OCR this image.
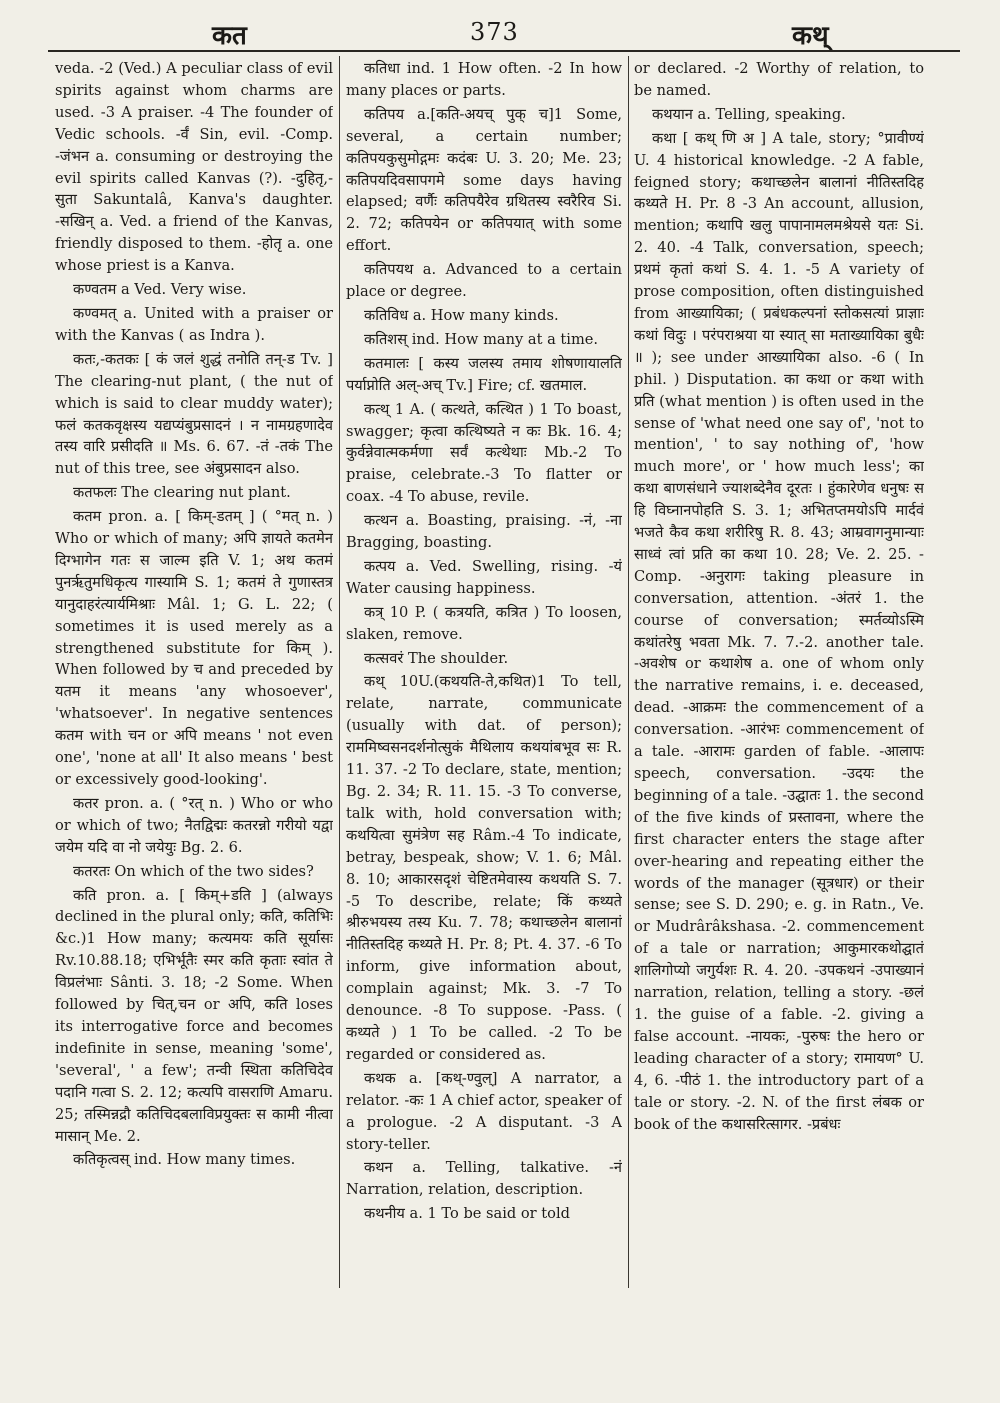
कत	373	कथ्

veda. -2 (Ved.) A peculiar class of evil spirits against whom charms are used. -3 A praiser. -4 The founder of Vedic schools. -र्वं Sin, evil. -Comp. -जंभन a. consuming or destroying the evil spirits called Kanvas (?). -दुहितृ,-सुता Sakuntalâ, Kanva's daughter. -सखिन् a. Ved. a friend of the Kanvas, friendly disposed to them. -होतृ a. one whose priest is a Kanva.

कण्वतम a Ved. Very wise.

कण्वमत् a. United with a praiser or with the Kanvas ( as Indra ).

कतः,-कतकः [ कं जलं शुद्धं तनोति तन्-ड Tv. ] The clearing-nut plant, ( the nut of which is said to clear muddy water); फलं कतकवृक्षस्य यद्यप्यंबुप्रसादनं । न नामग्रहणादेव तस्य वारि प्रसीदति ॥ Ms. 6. 67. -तं -तकं The nut of this tree, see अंबुप्रसादन also.

कतफलः The clearing nut plant.

कतम pron. a. [ किम्-डतम् ] ( °मत् n. ) Who or which of many; अपि ज्ञायते कतमेन दिग्भागेन गतः स जाल्म इति V. 1; अथ कतमं पुनर्ऋतुमधिकृत्य गास्यामि S. 1; कतमं ते गुणास्तत्र यानुदाहरंत्यार्यमिश्राः Mâl. 1; G. L. 22; ( sometimes it is used merely as a strengthened substitute for किम् ). When followed by च and preceded by यतम it means 'any whosoever', 'whatsoever'. In negative sentences कतम with चन or अपि means ' not even one', 'none at all' It also means ' best or excessively good-looking'.

कतर pron. a. ( °रत् n. ) Who or who or which of two; नैतद्विद्मः कतरन्नो गरीयो यद्वा जयेम यदि वा नो जयेयुः Bg. 2. 6.

कतरतः On which of the two sides?

कति pron. a. [ किम्+डति ] (always declined in the plural only; कति, कतिभिः &c.)1 How many; कत्यमयः कति सूर्यासः Rv.10.88.18; एभिर्भूतैः स्मर कति कृताः स्वांत ते विप्रलंभाः Sânti. 3. 18; -2 Some. When followed by चित्,चन or अपि, कति loses its interrogative force and becomes indefinite in sense, meaning 'some', 'several', ' a few'; तन्वी स्थिता कतिचिदेव पदानि गत्वा S. 2. 12; कत्यपि वासराणि Amaru. 25; तस्मिन्नद्रौ कतिचिदबलाविप्रयुक्तः स कामी नीत्वा मासान् Me. 2.

कतिकृत्वस् ind. How many times.

कतिधा ind. 1 How often. -2 In how many places or parts.

कतिपय a.[कति-अयच् पुक् च]1 Some, several, a certain number; कतिपयकुसुमोद्गमः कदंबः U. 3. 20; Me. 23; कतिपयदिवसापगमे some days having elapsed; वर्णैः कतिपयैरेव ग्रथितस्य स्वरैरिव Si. 2. 72; कतिपयेन or कतिपयात् with some effort.

कतिपयथ a. Advanced to a certain place or degree.

कतिविध a. How many kinds.

कतिशस् ind. How many at a time.

कतमालः [ कस्य जलस्य तमाय शोषणायालति पर्याप्नोति अल्-अच् Tv.] Fire; cf. खतमाल.

कत्थ् 1 A. ( कत्थते, कत्थित ) 1 To boast, swagger; कृत्वा कत्थिष्यते न कः Bk. 16. 4; कुर्वन्नेवात्मकर्मणा सर्वं कत्थेथाः Mb.-2 To praise, celebrate.-3 To flatter or coax. -4 To abuse, revile.

कत्थन a. Boasting, praising. -नं, -ना Bragging, boasting.

कत्पय a. Ved. Swelling, rising. -यं Water causing happiness.

कत्र् 10 P. ( कत्रयति, कत्रित ) To loosen, slaken, remove.

कत्सवरं The shoulder.

कथ् 10U.(कथयति-ते,कथित)1 To tell, relate, narrate, communicate (usually with dat. of person); राममिष्वसनदर्शनोत्सुकं मैथिलाय कथयांबभूव सः R. 11. 37. -2 To declare, state, mention; Bg. 2. 34; R. 11. 15. -3 To converse, talk with, hold conversation with; कथयित्वा सुमंत्रेण सह Râm.-4 To indicate, betray, bespeak, show; V. 1. 6; Mâl. 8. 10; आकारसदृशं चेष्टितमेवास्य कथयति S. 7. -5 To describe, relate; किं कथ्यते श्रीरुभयस्य तस्य Ku. 7. 78; कथाच्छलेन बालानां नीतिस्तदिह कथ्यते H. Pr. 8; Pt. 4. 37. -6 To inform, give information about, complain against; Mk. 3. -7 To denounce. -8 To suppose. -Pass. ( कथ्यते ) 1 To be called. -2 To be regarded or considered as.

कथक a. [कथ्-ण्वुल्] A narrator, a relator. -कः 1 A chief actor, speaker of a prologue. -2 A disputant. -3 A story-teller.

कथन a. Telling, talkative. -नं Narration, relation, description.

कथनीय a. 1 To be said or told

or declared. -2 Worthy of relation, to be named.

कथयान a. Telling, speaking.

कथा [ कथ् णि अ ] A tale, story; °प्रावीण्यं U. 4 historical knowledge. -2 A fable, feigned story; कथाच्छलेन बालानां नीतिस्तदिह कथ्यते H. Pr. 8 -3 An account, allusion, mention; कथापि खलु पापानामलमश्रेयसे यतः Si. 2. 40. -4 Talk, conversation, speech; प्रथमं कृतां कथां S. 4. 1. -5 A variety of prose composition, often distinguished from आख्यायिका; ( प्रबंधकल्पनां स्तोकसत्यां प्राज्ञाः कथां विदुः । परंपराश्रया या स्यात् सा मताख्यायिका बुधैः ॥ ); see under आख्यायिका also. -6 ( In phil. ) Disputation. का कथा or कथा with प्रति (what mention ) is often used in the sense of 'what need one say of', 'not to mention', ' to say nothing of', 'how much more', or ' how much less'; का कथा बाणसंधाने ज्याशब्देनैव दूरतः । हुंकारेणेव धनुषः स हि विघ्नानपोहति S. 3. 1; अभितप्तमयोऽपि मार्दवं भजते कैव कथा शरीरिषु R. 8. 43; आम्रवागनुमान्याः साध्वं त्वां प्रति का कथा 10. 28; Ve. 2. 25. -Comp. -अनुरागः taking pleasure in conversation, attention. -अंतरं 1. the course of conversation; स्मर्तव्योऽस्मि कथांतरेषु भवता Mk. 7. 7.-2. another tale. -अवशेष or कथाशेष a. one of whom only the narrative remains, i. e. deceased, dead. -आक्रमः the commencement of a conversation. -आरंभः commencement of a tale. -आरामः garden of fable. -आलापः speech, conversation. -उदयः the beginning of a tale. -उद्घातः 1. the second of the five kinds of प्रस्तावना, where the first character enters the stage after over-hearing and repeating either the words of the manager (सूत्रधार) or their sense; see S. D. 290; e. g. in Ratn., Ve. or Mudrârâkshasa. -2. commencement of a tale or narration; आकुमारकथोद्घातं शालिगोप्यो जगुर्यशः R. 4. 20. -उपकथनं -उपाख्यानं narration, relation, telling a story. -छलं 1. the guise of a fable. -2. giving a false account. -नायकः, -पुरुषः the hero or leading character of a story; रामायण° U. 4, 6. -पीठं 1. the introductory part of a tale or story. -2. N. of the first लंबक or book of the कथासरित्सागर. -प्रबंधः
